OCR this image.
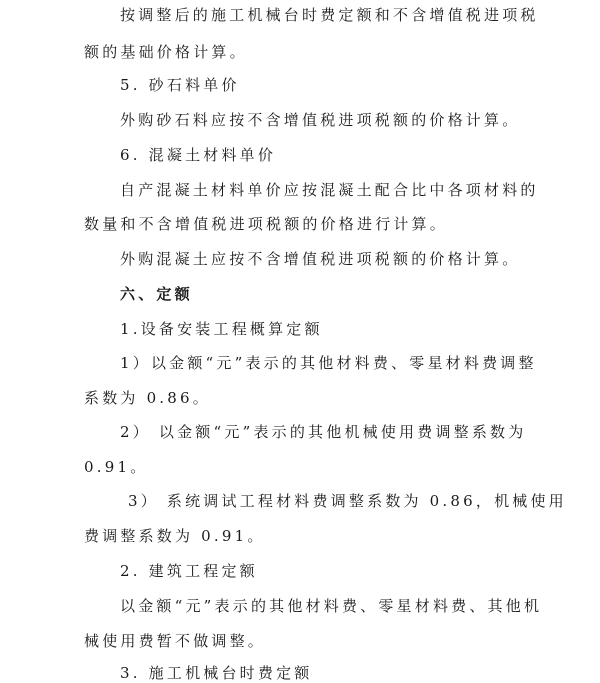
按调整后的施工机械台时费定额和不含增值税进项税
额的基础价格计算。
5. 砂石料单价
外购砂石料应按不含增值税进项税额的价格计算。
6. 混凝土材料单价
自产混凝土材料单价应按混凝土配合比中各项材料的
数量和不含增值税进项税额的价格进行计算。
外购混凝土应按不含增值税进项税额的价格计算。
六、定额
1.设备安装工程概算定额
1）以金额“元”表示的其他材料费、零星材料费调整
系数为 0.86。
2） 以金额“元”表示的其他机械使用费调整系数为
0.91。
3） 系统调试工程材料费调整系数为 0.86，机械使用
费调整系数为 0.91。
2. 建筑工程定额
以金额“元”表示的其他材料费、零星材料费、其他机
械使用费暂不做调整。
3. 施工机械台时费定额
